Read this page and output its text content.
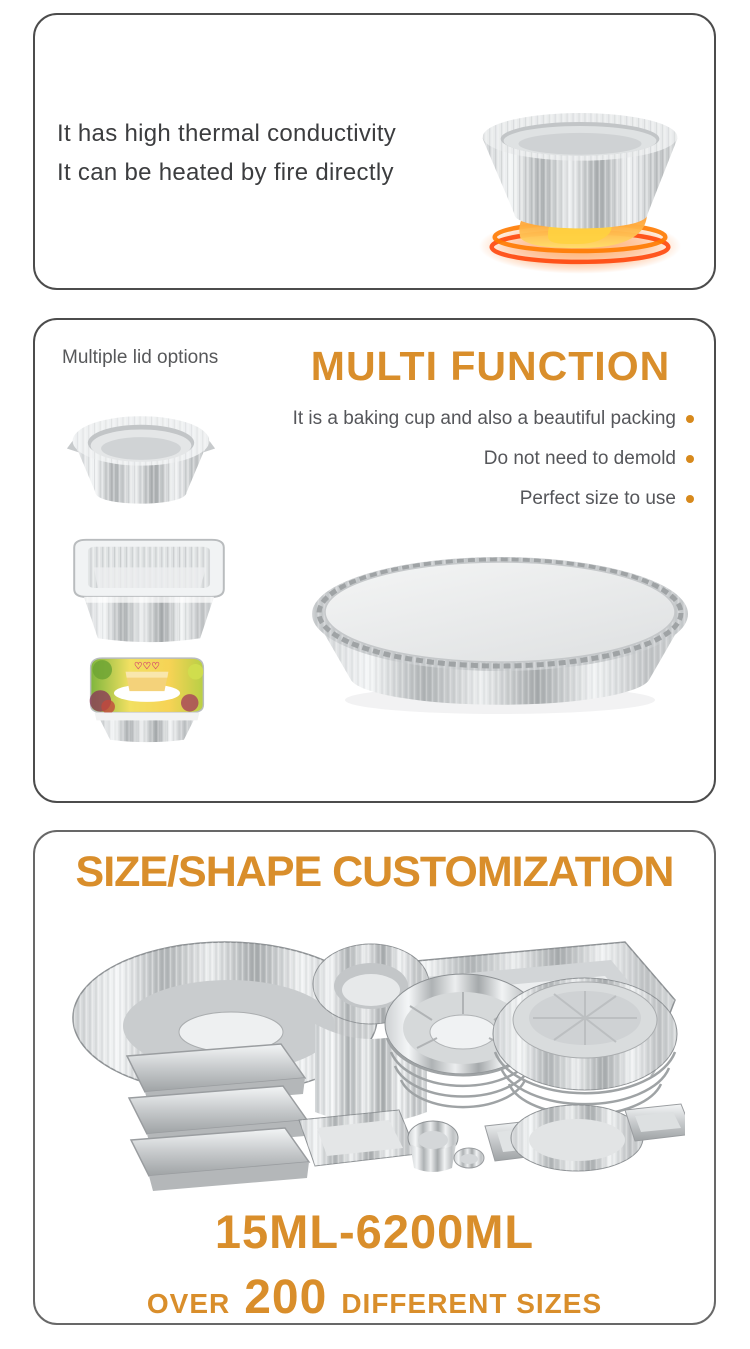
It has high thermal conductivity
It can be heated by fire directly
Multiple lid options	MULTI FUNCTION
It is a baking cup and also a beautiful packing
Do not need to demold
Perfect size to use
♡♡♡
SIZE/SHAPE CUSTOMIZATION
15ML-6200ML
OVER 200 DIFFERENT SIZES
